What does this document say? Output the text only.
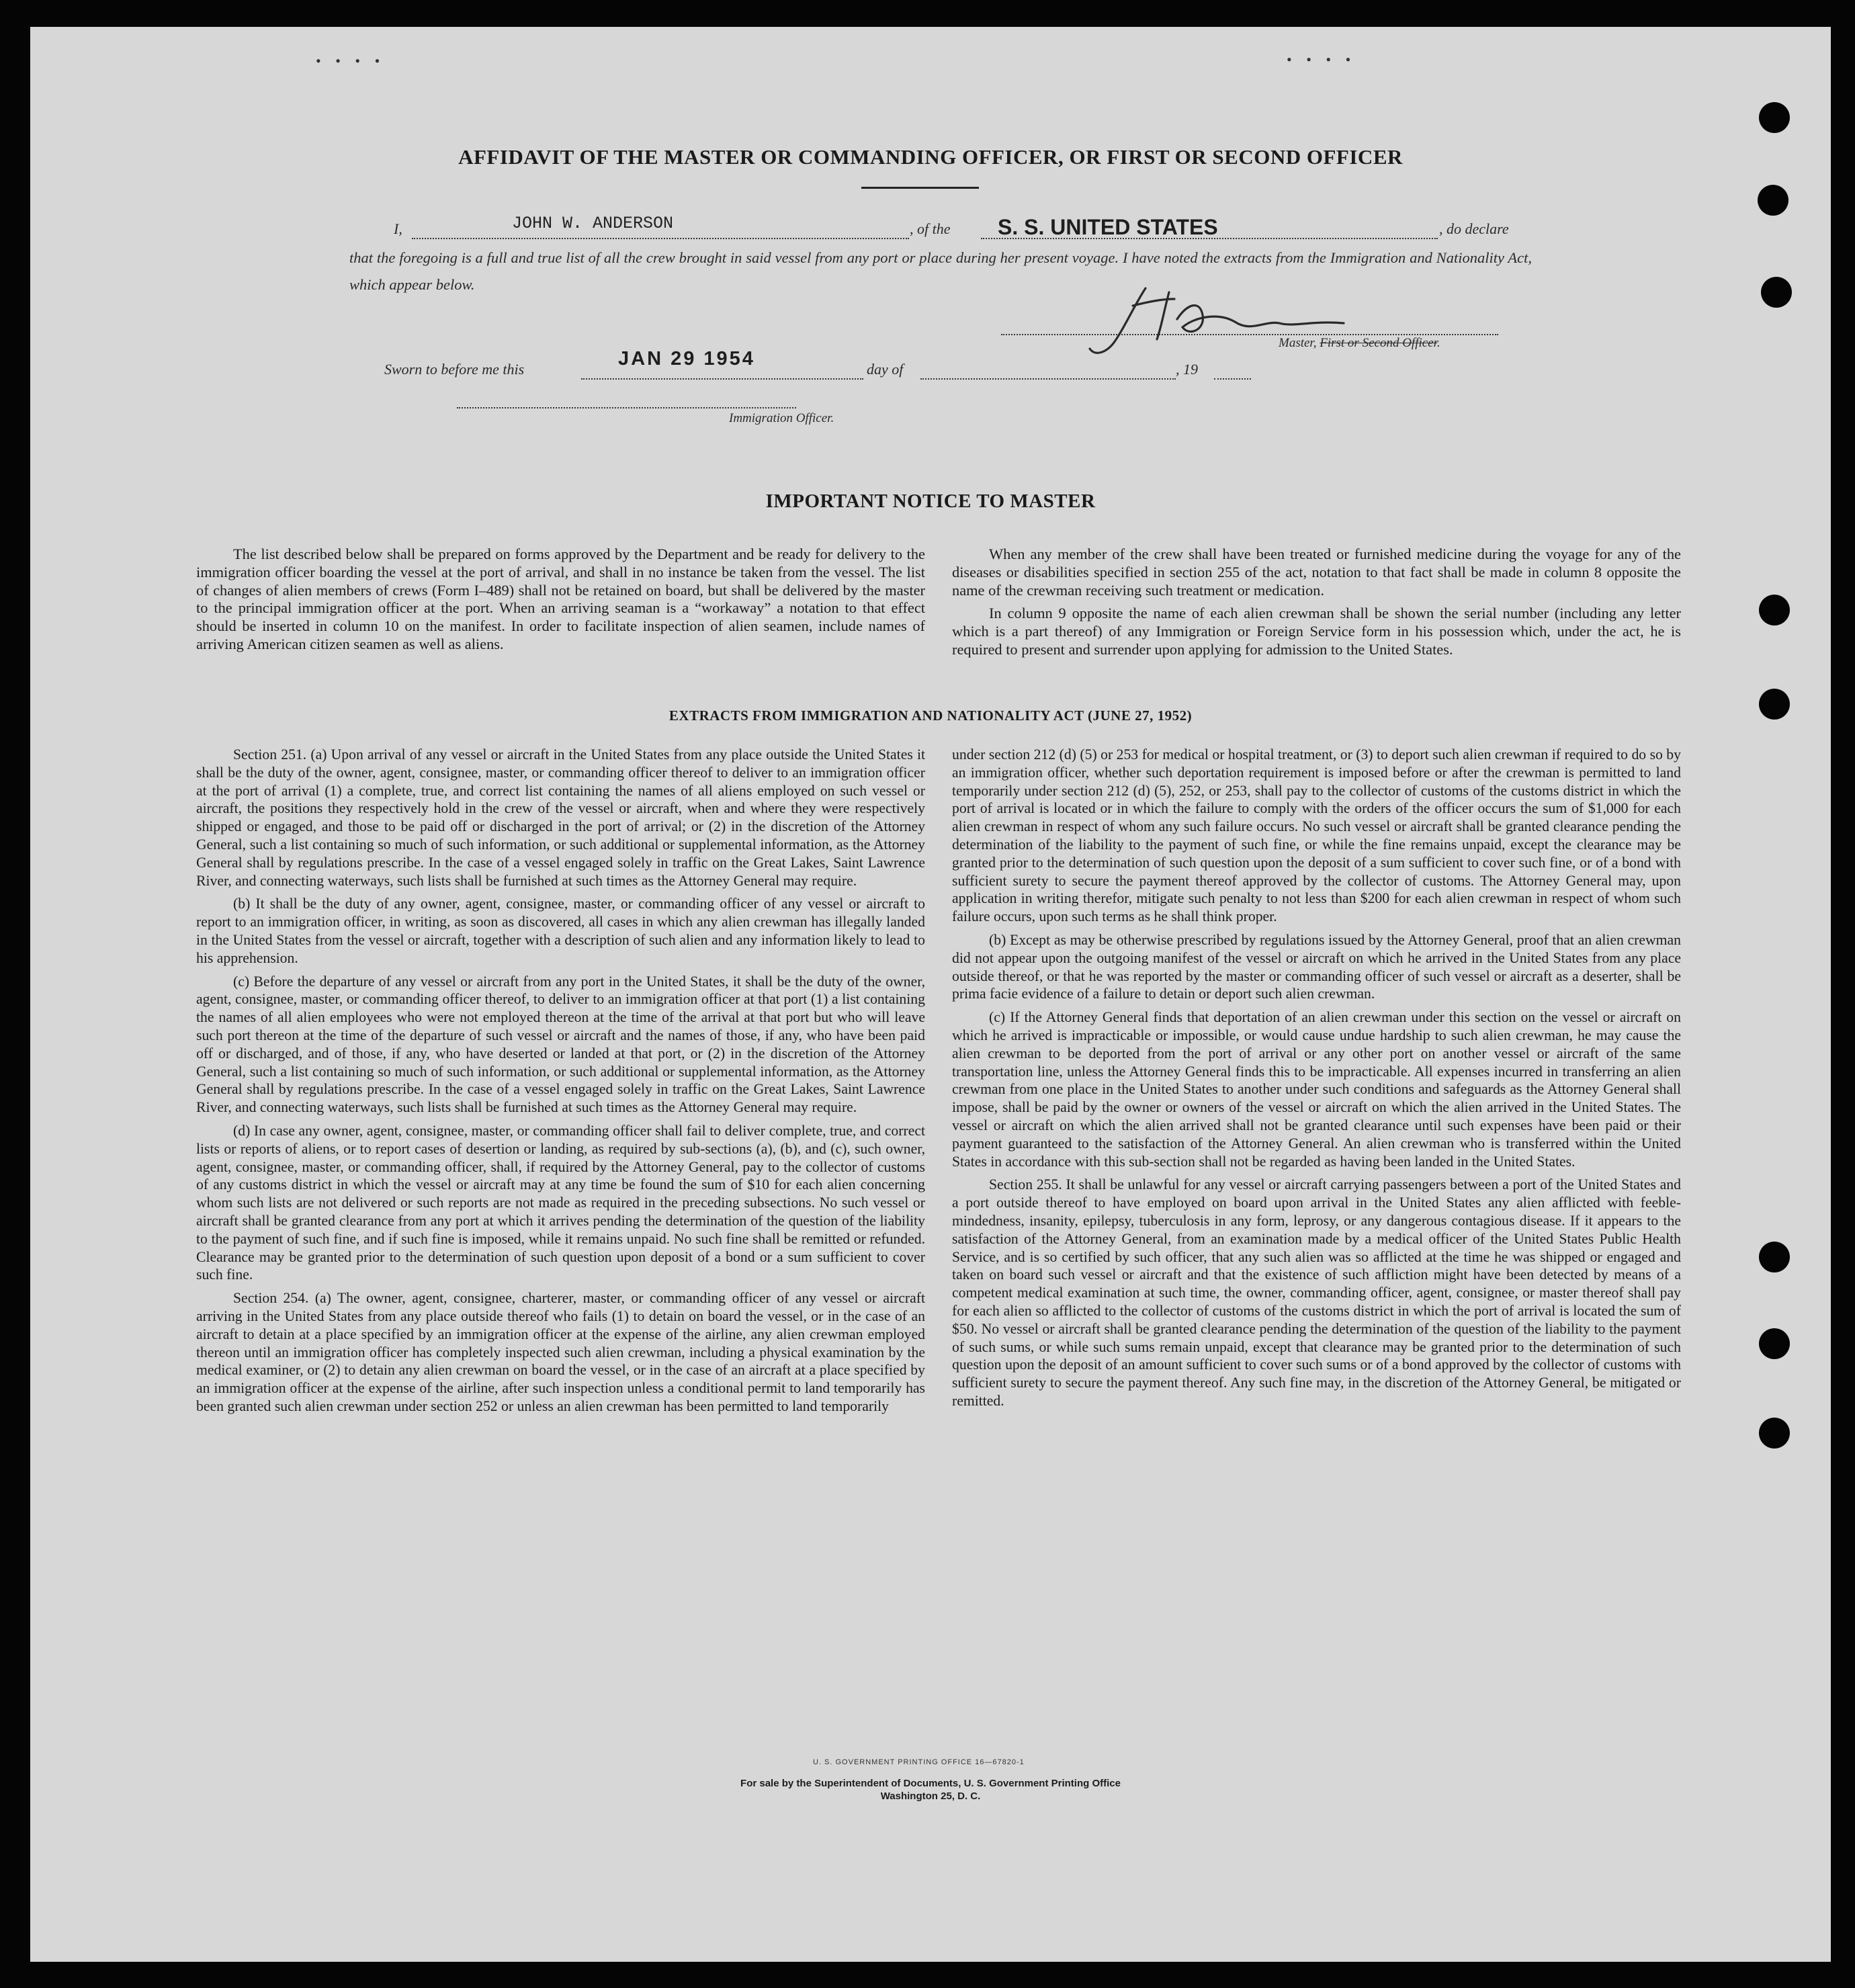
• • • •	• • • •
AFFIDAVIT OF THE MASTER OR COMMANDING OFFICER, OR FIRST OR SECOND OFFICER
I,	JOHN W. ANDERSON	, of the S. S. UNITED STATES	, do declare
that the foregoing is a full and true list of all the crew brought in said vessel from any port or place during her present voyage. I have noted the extracts from the Immigration and Nationality Act, which appear below.
Master, First or Second Officer.
Sworn to before me this	JAN 29 1954	day of	, 19
Immigration Officer.
IMPORTANT NOTICE TO MASTER

The list described below shall be prepared on forms approved by the Department and be ready for delivery to the immigration officer boarding the vessel at the port of arrival, and shall in no instance be taken from the vessel. The list of changes of alien members of crews (Form I–489) shall not be retained on board, but shall be delivered by the master to the principal immigration officer at the port. When an arriving seaman is a “workaway” a notation to that effect should be inserted in column 10 on the manifest. In order to facilitate inspection of alien seamen, include names of arriving American citizen seamen as well as aliens.

When any member of the crew shall have been treated or furnished medicine during the voyage for any of the diseases or disabilities specified in section 255 of the act, notation to that fact shall be made in column 8 opposite the name of the crewman receiving such treatment or medication.

In column 9 opposite the name of each alien crewman shall be shown the serial number (including any letter which is a part thereof) of any Immigration or Foreign Service form in his possession which, under the act, he is required to present and surrender upon applying for admission to the United States.

EXTRACTS FROM IMMIGRATION AND NATIONALITY ACT (JUNE 27, 1952)

Section 251. (a) Upon arrival of any vessel or aircraft in the United States from any place outside the United States it shall be the duty of the owner, agent, consignee, master, or commanding officer thereof to deliver to an immigration officer at the port of arrival (1) a complete, true, and correct list containing the names of all aliens employed on such vessel or aircraft, the positions they respectively hold in the crew of the vessel or aircraft, when and where they were respectively shipped or engaged, and those to be paid off or discharged in the port of arrival; or (2) in the discretion of the Attorney General, such a list containing so much of such information, or such additional or supplemental information, as the Attorney General shall by regulations prescribe. In the case of a vessel engaged solely in traffic on the Great Lakes, Saint Lawrence River, and connecting waterways, such lists shall be furnished at such times as the Attorney General may require.

(b) It shall be the duty of any owner, agent, consignee, master, or commanding officer of any vessel or aircraft to report to an immigration officer, in writing, as soon as discovered, all cases in which any alien crewman has illegally landed in the United States from the vessel or aircraft, together with a description of such alien and any information likely to lead to his apprehension.

(c) Before the departure of any vessel or aircraft from any port in the United States, it shall be the duty of the owner, agent, consignee, master, or commanding officer thereof, to deliver to an immigration officer at that port (1) a list containing the names of all alien employees who were not employed thereon at the time of the arrival at that port but who will leave such port thereon at the time of the departure of such vessel or aircraft and the names of those, if any, who have been paid off or discharged, and of those, if any, who have deserted or landed at that port, or (2) in the discretion of the Attorney General, such a list containing so much of such information, or such additional or supplemental information, as the Attorney General shall by regulations prescribe. In the case of a vessel engaged solely in traffic on the Great Lakes, Saint Lawrence River, and connecting waterways, such lists shall be furnished at such times as the Attorney General may require.

(d) In case any owner, agent, consignee, master, or commanding officer shall fail to deliver complete, true, and correct lists or reports of aliens, or to report cases of desertion or landing, as required by sub-sections (a), (b), and (c), such owner, agent, consignee, master, or commanding officer, shall, if required by the Attorney General, pay to the collector of customs of any customs district in which the vessel or aircraft may at any time be found the sum of $10 for each alien concerning whom such lists are not delivered or such reports are not made as required in the preceding subsections. No such vessel or aircraft shall be granted clearance from any port at which it arrives pending the determination of the question of the liability to the payment of such fine, and if such fine is imposed, while it remains unpaid. No such fine shall be remitted or refunded. Clearance may be granted prior to the determination of such question upon deposit of a bond or a sum sufficient to cover such fine.

Section 254. (a) The owner, agent, consignee, charterer, master, or commanding officer of any vessel or aircraft arriving in the United States from any place outside thereof who fails (1) to detain on board the vessel, or in the case of an aircraft to detain at a place specified by an immigration officer at the expense of the airline, any alien crewman employed thereon until an immigration officer has completely inspected such alien crewman, including a physical examination by the medical examiner, or (2) to detain any alien crewman on board the vessel, or in the case of an aircraft at a place specified by an immigration officer at the expense of the airline, after such inspection unless a conditional permit to land temporarily has been granted such alien crewman under section 252 or unless an alien crewman has been permitted to land temporarily

under section 212 (d) (5) or 253 for medical or hospital treatment, or (3) to deport such alien crewman if required to do so by an immigration officer, whether such deportation requirement is imposed before or after the crewman is permitted to land temporarily under section 212 (d) (5), 252, or 253, shall pay to the collector of customs of the customs district in which the port of arrival is located or in which the failure to comply with the orders of the officer occurs the sum of $1,000 for each alien crewman in respect of whom any such failure occurs. No such vessel or aircraft shall be granted clearance pending the determination of the liability to the payment of such fine, or while the fine remains unpaid, except the clearance may be granted prior to the determination of such question upon the deposit of a sum sufficient to cover such fine, or of a bond with sufficient surety to secure the payment thereof approved by the collector of customs. The Attorney General may, upon application in writing therefor, mitigate such penalty to not less than $200 for each alien crewman in respect of whom such failure occurs, upon such terms as he shall think proper.

(b) Except as may be otherwise prescribed by regulations issued by the Attorney General, proof that an alien crewman did not appear upon the outgoing manifest of the vessel or aircraft on which he arrived in the United States from any place outside thereof, or that he was reported by the master or commanding officer of such vessel or aircraft as a deserter, shall be prima facie evidence of a failure to detain or deport such alien crewman.

(c) If the Attorney General finds that deportation of an alien crewman under this section on the vessel or aircraft on which he arrived is impracticable or impossible, or would cause undue hardship to such alien crewman, he may cause the alien crewman to be deported from the port of arrival or any other port on another vessel or aircraft of the same transportation line, unless the Attorney General finds this to be impracticable. All expenses incurred in transferring an alien crewman from one place in the United States to another under such conditions and safeguards as the Attorney General shall impose, shall be paid by the owner or owners of the vessel or aircraft on which the alien arrived in the United States. The vessel or aircraft on which the alien arrived shall not be granted clearance until such expenses have been paid or their payment guaranteed to the satisfaction of the Attorney General. An alien crewman who is transferred within the United States in accordance with this sub-section shall not be regarded as having been landed in the United States.

Section 255. It shall be unlawful for any vessel or aircraft carrying passengers between a port of the United States and a port outside thereof to have employed on board upon arrival in the United States any alien afflicted with feeble-mindedness, insanity, epilepsy, tuberculosis in any form, leprosy, or any dangerous contagious disease. If it appears to the satisfaction of the Attorney General, from an examination made by a medical officer of the United States Public Health Service, and is so certified by such officer, that any such alien was so afflicted at the time he was shipped or engaged and taken on board such vessel or aircraft and that the existence of such affliction might have been detected by means of a competent medical examination at such time, the owner, commanding officer, agent, consignee, or master thereof shall pay for each alien so afflicted to the collector of customs of the customs district in which the port of arrival is located the sum of $50. No vessel or aircraft shall be granted clearance pending the determination of the question of the liability to the payment of such sums, or while such sums remain unpaid, except that clearance may be granted prior to the determination of such question upon the deposit of an amount sufficient to cover such sums or of a bond approved by the collector of customs with sufficient surety to secure the payment thereof. Any such fine may, in the discretion of the Attorney General, be mitigated or remitted.

U. S. GOVERNMENT PRINTING OFFICE 16—67820-1
For sale by the Superintendent of Documents, U. S. Government Printing Office
Washington 25, D. C.
